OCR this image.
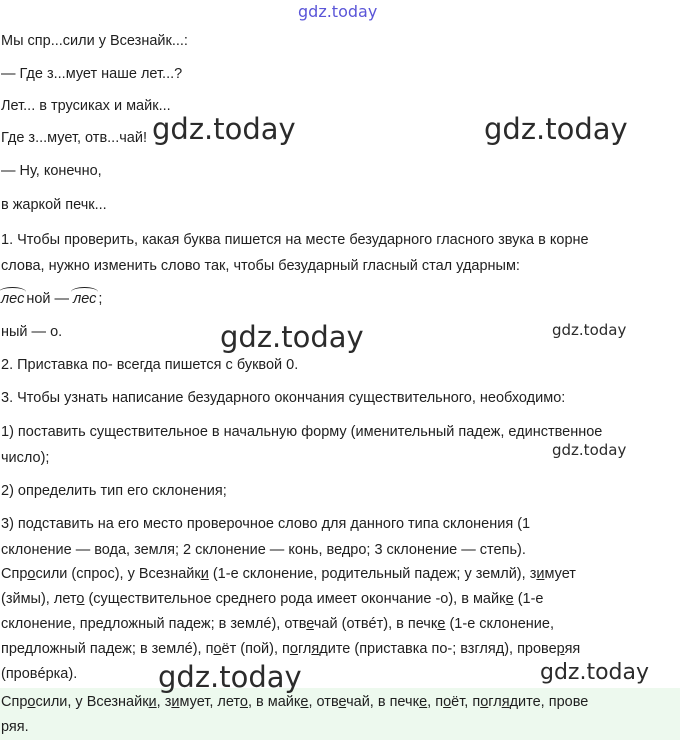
gdz.today
gdz.today	gdz.today
gdz.today	gdz.today
gdz.today
gdz.today	gdz.today
Мы спр...сили у Всезнайк...:
— Где з...мует наше лет...?
Лет... в трусиках и майк...
Где з...мует, отв...чай!
— Ну, конечно,
в жаркой печк...
1. Чтобы проверить, какая буква пишется на месте безударного гласного звука в корне
слова, нужно изменить слово так, чтобы безударный гласный стал ударным:
лес ной — лес ;
ный — о.
2. Приставка по- всегда пишется с буквой 0.
3. Чтобы узнать написание безударного окончания существительного, необходимо:
1) поставить существительное в начальную форму (именительный падеж, единственное
число);
2) определить тип его склонения;
3) подставить на его место проверочное слово для данного типа склонения (1
склонение — вода, земля; 2 склонение — конь, ведро; 3 склонение — степь).
Спросили (спрос), у Всезнайки (1-е склонение, родительный падеж; у землй), зимует
(зймы), лето (существительное среднего рода имеет окончание -о), в майке (1-е
склонение, предложный падеж; в землé), отвечай (отвéт), в печке (1-е склонение,
предложный падеж; в землé), поёт (пой), поглядите (приставка по-; взгляд), проверяя
(провéрка).
Спросили, у Всезнайки, зимует, лето, в майке, отвечай, в печке, поёт, поглядите, прове
ряя.
